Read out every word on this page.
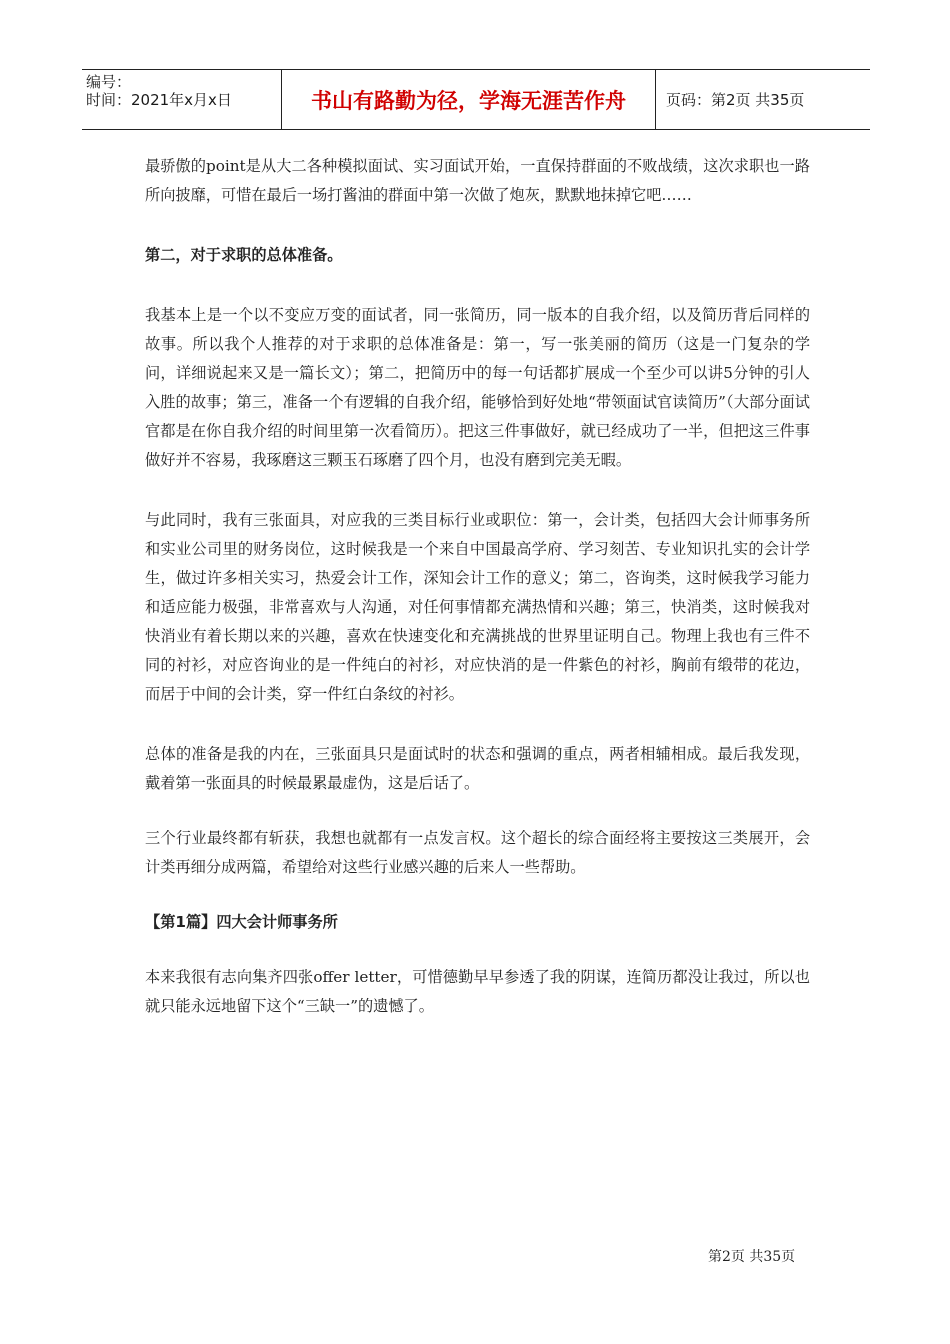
编号：
时间：2021年x月x日	书山有路勤为径，学海无涯苦作舟	页码：第2页 共35页

最骄傲的point是从大二各种模拟面试、实习面试开始，一直保持群面的不败战绩，这次求职也一路所向披靡，可惜在最后一场打酱油的群面中第一次做了炮灰，默默地抹掉它吧……

第二，对于求职的总体准备。

我基本上是一个以不变应万变的面试者，同一张简历，同一版本的自我介绍，以及简历背后同样的故事。所以我个人推荐的对于求职的总体准备是：第一，写一张美丽的简历（这是一门复杂的学问，详细说起来又是一篇长文）；第二，把简历中的每一句话都扩展成一个至少可以讲5分钟的引人入胜的故事；第三，准备一个有逻辑的自我介绍，能够恰到好处地“带领面试官读简历”（大部分面试官都是在你自我介绍的时间里第一次看简历）。把这三件事做好，就已经成功了一半，但把这三件事做好并不容易，我琢磨这三颗玉石琢磨了四个月，也没有磨到完美无暇。

与此同时，我有三张面具，对应我的三类目标行业或职位：第一，会计类，包括四大会计师事务所和实业公司里的财务岗位，这时候我是一个来自中国最高学府、学习刻苦、专业知识扎实的会计学生，做过许多相关实习，热爱会计工作，深知会计工作的意义；第二，咨询类，这时候我学习能力和适应能力极强，非常喜欢与人沟通，对任何事情都充满热情和兴趣；第三，快消类，这时候我对快消业有着长期以来的兴趣，喜欢在快速变化和充满挑战的世界里证明自己。物理上我也有三件不同的衬衫，对应咨询业的是一件纯白的衬衫，对应快消的是一件紫色的衬衫，胸前有缎带的花边，而居于中间的会计类，穿一件红白条纹的衬衫。

总体的准备是我的内在，三张面具只是面试时的状态和强调的重点，两者相辅相成。最后我发现，戴着第一张面具的时候最累最虚伪，这是后话了。

三个行业最终都有斩获，我想也就都有一点发言权。这个超长的综合面经将主要按这三类展开，会计类再细分成两篇，希望给对这些行业感兴趣的后来人一些帮助。

【第1篇】四大会计师事务所

本来我很有志向集齐四张offer letter，可惜德勤早早参透了我的阴谋，连简历都没让我过，所以也就只能永远地留下这个“三缺一”的遗憾了。

第2页 共35页
